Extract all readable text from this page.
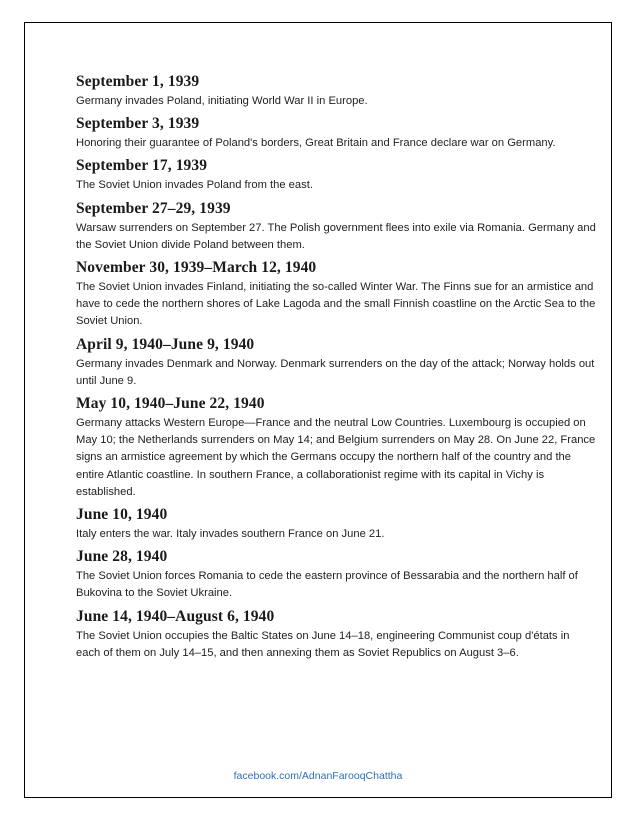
September 1, 1939

Germany invades Poland, initiating World War II in Europe.

September 3, 1939

Honoring their guarantee of Poland's borders, Great Britain and France declare war on Germany.

September 17, 1939

The Soviet Union invades Poland from the east.

September 27–29, 1939

Warsaw surrenders on September 27. The Polish government flees into exile via Romania. Germany and the Soviet Union divide Poland between them.

November 30, 1939–March 12, 1940

The Soviet Union invades Finland, initiating the so-called Winter War. The Finns sue for an armistice and have to cede the northern shores of Lake Lagoda and the small Finnish coastline on the Arctic Sea to the Soviet Union.

April 9, 1940–June 9, 1940

Germany invades Denmark and Norway. Denmark surrenders on the day of the attack; Norway holds out until June 9.

May 10, 1940–June 22, 1940

Germany attacks Western Europe—France and the neutral Low Countries. Luxembourg is occupied on May 10; the Netherlands surrenders on May 14; and Belgium surrenders on May 28. On June 22, France signs an armistice agreement by which the Germans occupy the northern half of the country and the entire Atlantic coastline. In southern France, a collaborationist regime with its capital in Vichy is established.

June 10, 1940

Italy enters the war. Italy invades southern France on June 21.

June 28, 1940

The Soviet Union forces Romania to cede the eastern province of Bessarabia and the northern half of Bukovina to the Soviet Ukraine.

June 14, 1940–August 6, 1940

The Soviet Union occupies the Baltic States on June 14–18, engineering Communist coup d'états in each of them on July 14–15, and then annexing them as Soviet Republics on August 3–6.

facebook.com/AdnanFarooqChattha
